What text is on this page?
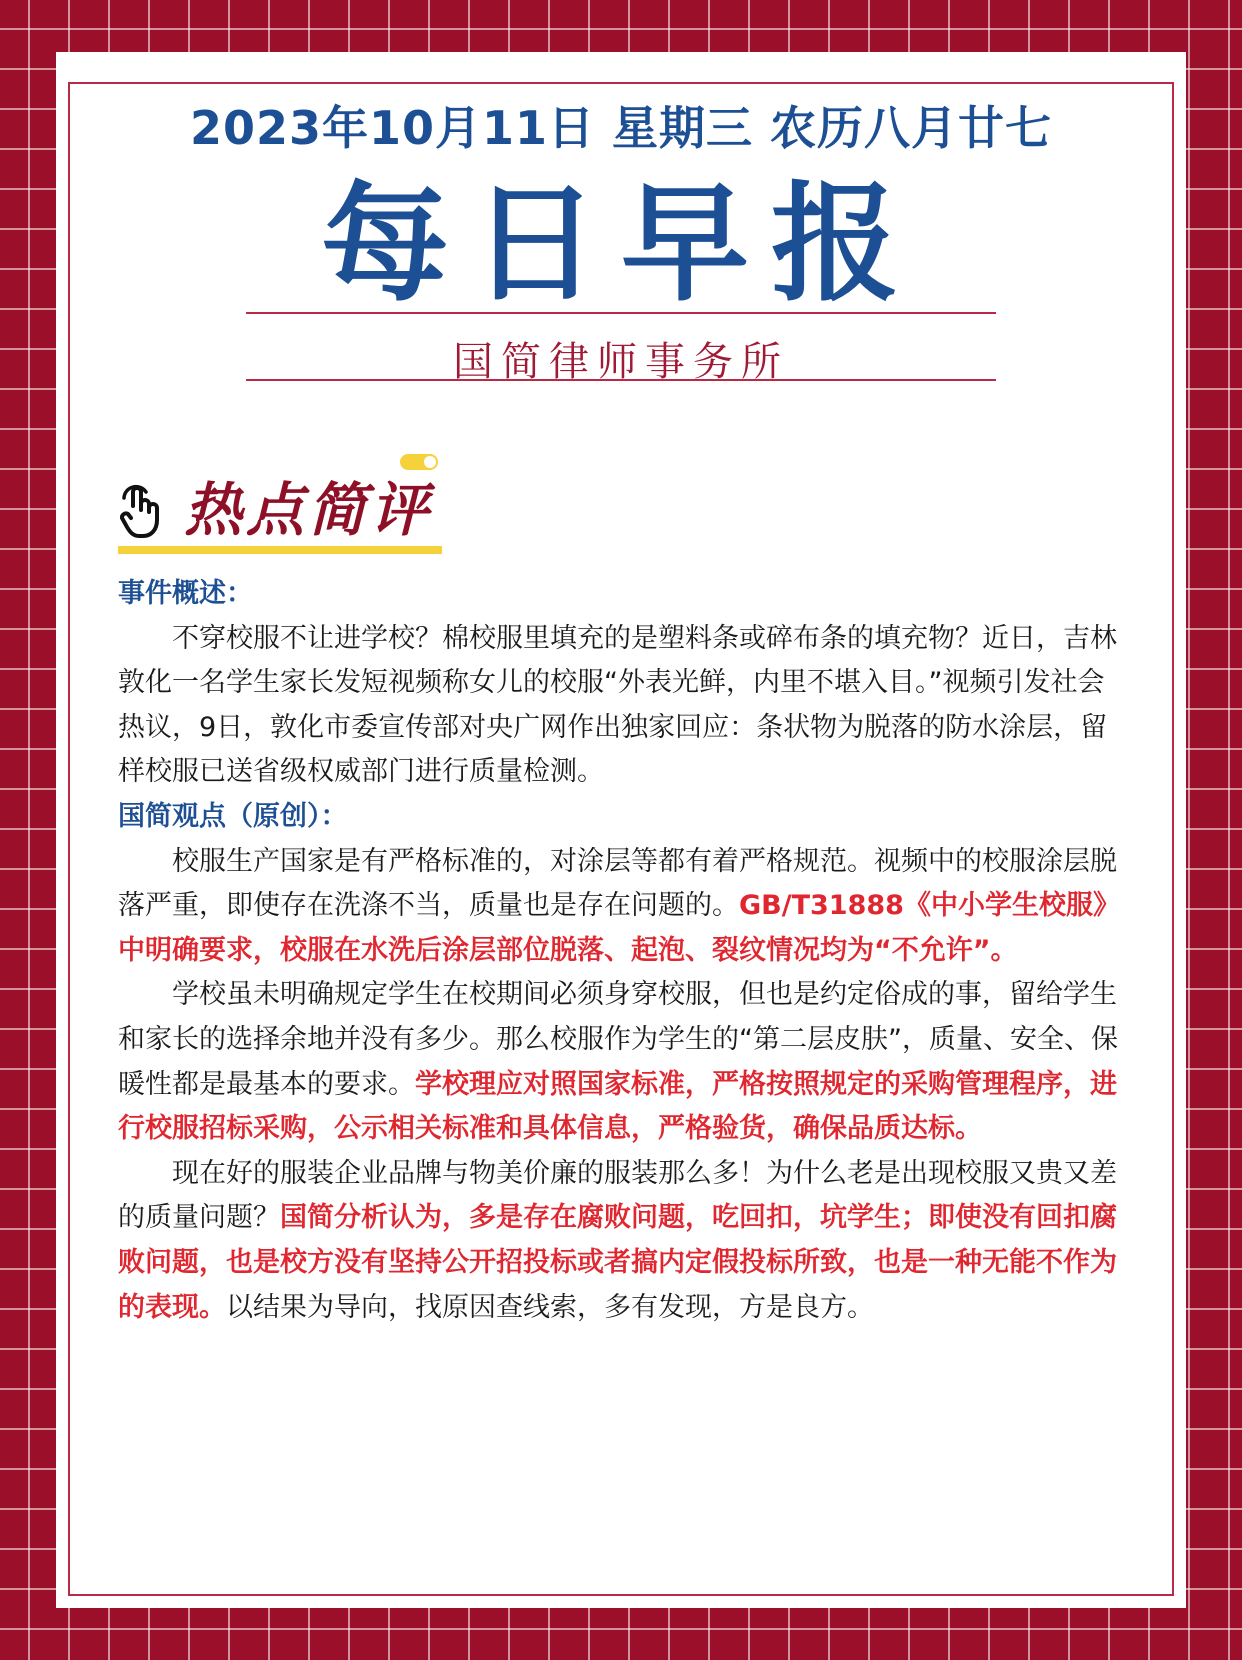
2023年10月11日 星期三 农历八月廿七
每日早报
国简律师事务所
热点简评

事件概述：

不穿校服不让进学校？棉校服里填充的是塑料条或碎布条的填充物？近日，吉林敦化一名学生家长发短视频称女儿的校服“外表光鲜，内里不堪入目。”视频引发社会热议，9日，敦化市委宣传部对央广网作出独家回应：条状物为脱落的防水涂层，留样校服已送省级权威部门进行质量检测。

国简观点（原创）：

校服生产国家是有严格标准的，对涂层等都有着严格规范。视频中的校服涂层脱落严重，即使存在洗涤不当，质量也是存在问题的。GB/T31888《中小学生校服》中明确要求，校服在水洗后涂层部位脱落、起泡、裂纹情况均为“不允许”。

学校虽未明确规定学生在校期间必须身穿校服，但也是约定俗成的事，留给学生和家长的选择余地并没有多少。那么校服作为学生的“第二层皮肤”，质量、安全、保暖性都是最基本的要求。学校理应对照国家标准，严格按照规定的采购管理程序，进行校服招标采购，公示相关标准和具体信息，严格验货，确保品质达标。

现在好的服装企业品牌与物美价廉的服装那么多！为什么老是出现校服又贵又差的质量问题？国简分析认为，多是存在腐败问题，吃回扣，坑学生；即使没有回扣腐败问题，也是校方没有坚持公开招投标或者搞内定假投标所致，也是一种无能不作为的表现。以结果为导向，找原因查线索，多有发现，方是良方。
